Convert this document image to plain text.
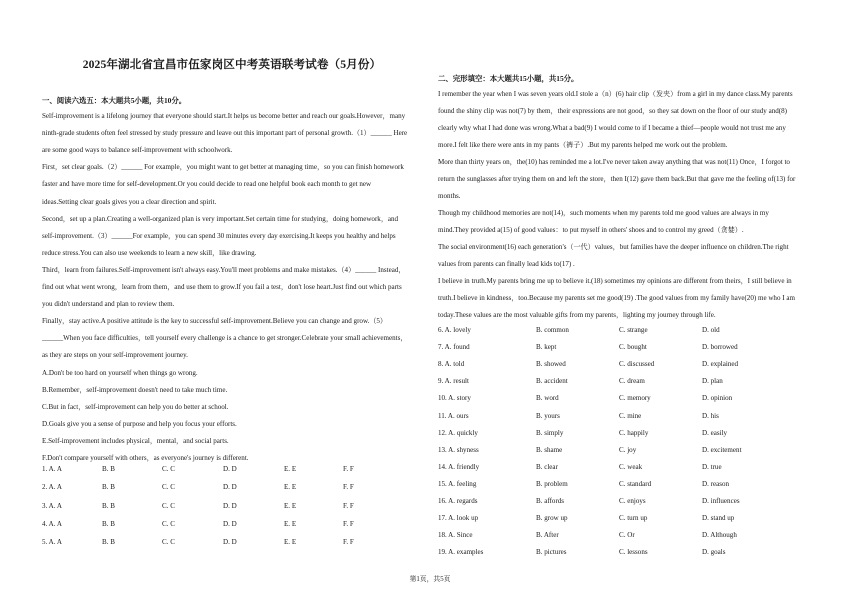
2025年湖北省宜昌市伍家岗区中考英语联考试卷（5月份）
一、阅读六选五：本大题共5小题，共10分。
Self-improvement is a lifelong journey that everyone should start.It helps us become better and reach our goals.However，many
ninth-grade students often feel stressed by study pressure and leave out this important part of personal growth.（1）______ Here
are some good ways to balance self-improvement with schoolwork.
First，set clear goals.（2）______ For example，you might want to get better at managing time，so you can finish homework
faster and have more time for self-development.Or you could decide to read one helpful book each month to get new
ideas.Setting clear goals gives you a clear direction and spirit.
Second，set up a plan.Creating a well-organized plan is very important.Set certain time for studying，doing homework，and
self-improvement.（3）______For example，you can spend 30 minutes every day exercising.It keeps you healthy and helps
reduce stress.You can also use weekends to learn a new skill，like drawing.
Third，learn from failures.Self-improvement isn't always easy.You'll meet problems and make mistakes.（4）______ Instead，
find out what went wrong，learn from them，and use them to grow.If you fail a test，don't lose heart.Just find out which parts
you didn't understand and plan to review them.
Finally，stay active.A positive attitude is the key to successful self-improvement.Believe you can change and grow.（5）
______When you face difficulties，tell yourself every challenge is a chance to get stronger.Celebrate your small achievements，
as they are steps on your self-improvement journey.
A.Don't be too hard on yourself when things go wrong.
B.Remember，self-improvement doesn't need to take much time.
C.But in fact，self-improvement can help you do better at school.
D.Goals give you a sense of purpose and help you focus your efforts.
E.Self-improvement includes physical，mental，and social parts.
F.Don't compare yourself with others，as everyone's journey is different.
1. A. A	B. B	C. C	D. D	E. E	F. F
2. A. A	B. B	C. C	D. D	E. E	F. F
3. A. A	B. B	C. C	D. D	E. E	F. F
4. A. A	B. B	C. C	D. D	E. E	F. F
5. A. A	B. B	C. C	D. D	E. E	F. F
二、完形填空：本大题共15小题，共15分。
I remember the year when I was seven years old.I stole a（n）(6) hair clip（发夹）from a girl in my dance class.My parents
found the shiny clip was not(7) by them，their expressions are not good，so they sat down on the floor of our study and(8)
clearly why what I had done was wrong.What a bad(9) I would come to if I became a thief—people would not trust me any
more.I felt like there were ants in my pants（裤子）.But my parents helped me work out the problem.
More than thirty years on，the(10) has reminded me a lot.I've never taken away anything that was not(11) Once，I forgot to
return the sunglasses after trying them on and left the store，then I(12) gave them back.But that gave me the feeling of(13) for
months.
Though my childhood memories are not(14)，such moments when my parents told me good values are always in my
mind.They provided a(15) of good values：to put myself in others' shoes and to control my greed（贪婪）.
The social environment(16) each generation's（一代）values，but families have the deeper influence on children.The right
values from parents can finally lead kids to(17) .
I believe in truth.My parents bring me up to believe it.(18) sometimes my opinions are different from theirs，I still believe in
truth.I believe in kindness，too.Because my parents set me good(19) .The good values from my family have(20) me who I am
today.These values are the most valuable gifts from my parents，lighting my journey through life.
6. A. lovely	B. common	C. strange	D. old
7. A. found	B. kept	C. bought	D. borrowed
8. A. told	B. showed	C. discussed	D. explained
9. A. result	B. accident	C. dream	D. plan
10. A. story	B. word	C. memory	D. opinion
11. A. ours	B. yours	C. mine	D. his
12. A. quickly	B. simply	C. happily	D. easily
13. A. shyness	B. shame	C. joy	D. excitement
14. A. friendly	B. clear	C. weak	D. true
15. A. feeling	B. problem	C. standard	D. reason
16. A. regards	B. affords	C. enjoys	D. influences
17. A. look up	B. grow up	C. turn up	D. stand up
18. A. Since	B. After	C. Or	D. Although
19. A. examples	B. pictures	C. lessons	D. goals
第1页，共5页
